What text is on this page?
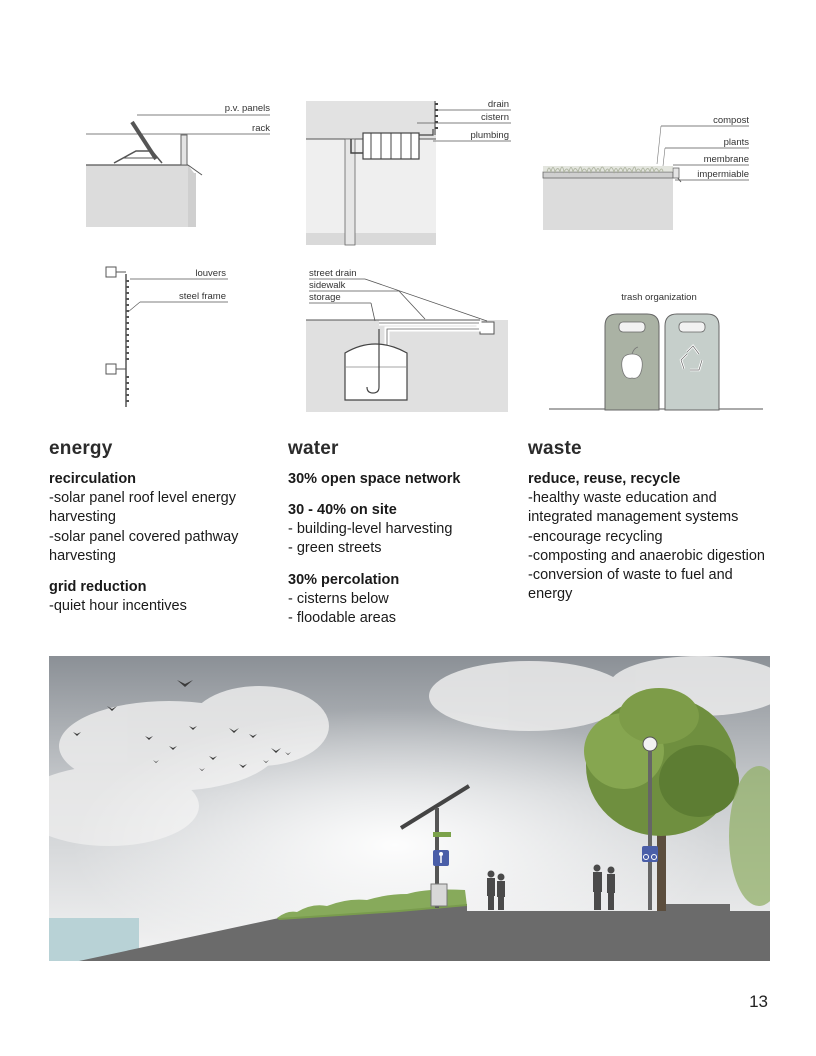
p.v. panels
rack
drain
cistern
plumbing
compost
plants
membrane
impermiable
louvers
steel frame
street drain
sidewalk
storage	trash organization
energy

recirculation

-solar panel roof level energy

harvesting

-solar panel covered pathway

harvesting

grid reduction

-quiet hour incentives

water

30% open space network

30 - 40% on site

- building-level harvesting

- green streets

30% percolation

- cisterns below

- floodable areas

waste

reduce, reuse, recycle

-healthy waste education and

integrated management systems

-encourage recycling

-composting and anaerobic digestion

-conversion of waste to fuel and

energy

13
